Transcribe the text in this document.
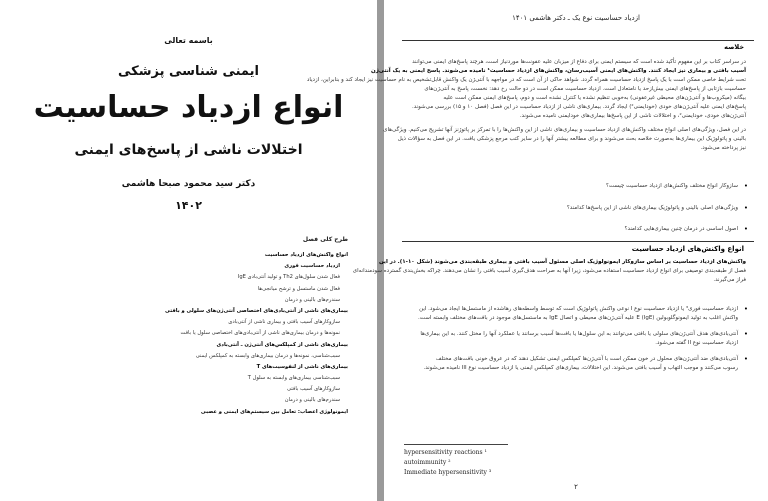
باسمه تعالی
ایمنی شناسی پزشکی
انواع ازدیاد حساسیت
اختلالات ناشی از پاسخ‌های ایمنی
دکتر سید محمود صبحا هاشمی
۱۴۰۲
طرح کلی فصل
انواع واکنش‌های ازدیاد حساسیت
ازدیاد حساسیت فوری
فعال شدن سلول‌های Th2 و تولید آنتی‌بادی IgE
فعال شدن ماستسل و ترشح میانجی‌ها
سندرم‌های بالینی و درمان
بیماری‌های ناشی از آنتی‌بادی‌های اختصاصی آنتی‌ژن‌های سلولی و بافتی
سازوکارهای آسیب بافتی و بیماری ناشی از آنتی‌بادی
نمونه‌ها و درمان بیماری‌های ناشی از آنتی‌بادی‌های اختصاصی سلول یا بافت
بیماری‌های ناشی از کمپلکس‌های آنتی‌ژن ـ آنتی‌بادی
سبب‌شناسی، نمونه‌ها و درمان بیماری‌های وابسته به کمپلکس ایمنی
بیماری‌های ناشی از لنفوسیت‌های T
سبب‌شناسی بیماری‌های وابسته به سلول T
سازوکارهای آسیب بافتی
سندرم‌های بالینی و درمان
ایمونولوژی اعصاب: تعامل بین سیستم‌های ایمنی و عصبی
ازدیاد حساسیت نوع یک ـ دکتر هاشمی ۱۴۰۱
خلاصه
در سراسر کتاب بر این مفهوم تأکید شده است که سیستم ایمنی برای دفاع از میزبان علیه عفونت‌ها موردنیاز است، هرچند پاسخ‌های ایمنی می‌توانند
آسیب بافتی و بیماری نیز ایجاد کنند. واکنش‌های ایمنی آسیب‌رسان، واکنش‌های ازدیاد حساسیت¹ نامیده می‌شوند. پاسخ ایمنی به یک آنتی‌ژن
تحت شرایط خاصی ممکن است با یک پاسخ ازدیاد حساسیت همراه گردد. شواهد حاکی از آن است که در مواجهه با آنتی‌ژن یک واکنش قابل‌تشخیص به نام حساسیت نیز ایجاد کند و بنابراین، ازدیاد
حساسیت بازتابی از پاسخ‌های ایمنی بیش‌ازحد یا نامتعادل است. ازدیاد حساسیت ممکن است در دو حالت رخ دهد: نخست، پاسخ به آنتی‌ژن‌های
بیگانه (میکروب‌ها و آنتی‌ژن‌های محیطی غیرعفونی) به‌خوبی تنظیم نشده یا کنترل نشده است و دوم، پاسخ‌های ایمنی ممکن است علیه
پاسخ‌های ایمنی علیه آنتی‌ژن‌های خودی (خودایمنی²) ایجاد گردد. بیماری‌های ناشی از ازدیاد حساسیت در این فصل (فصل ۱۰ و ۱۵) بررسی می‌شوند.
آنتی‌ژن‌های خودی، خودایمنی²، و اختلالات ناشی از این پاسخ‌ها بیماری‌های خودایمنی نامیده می‌شوند.
در این فصل، ویژگی‌های اصلی انواع مختلف واکنش‌های ازدیاد حساسیت و بیماری‌های ناشی از این واکنش‌ها را با تمرکز بر پاتوژنز آنها تشریح می‌کنیم. ویژگی‌های
بالینی و پاتولوژیک این بیماری‌ها به‌صورت خلاصه بحث می‌شوند و برای مطالعه بیشتر آنها را در سایر کتب مرجع پزشکی یافت. در این فصل به سؤالات ذیل
نیز پرداخته می‌شود.
•
سازوکار انواع مختلف واکنش‌های ازدیاد حساسیت چیست؟
•
ویژگی‌های اصلی بالینی و پاتولوژیک بیماری‌های ناشی از این پاسخ‌ها کدامند؟
•
اصول اساسی در درمان چنین بیماری‌هایی کدامند؟
انواع واکنش‌های ازدیاد حساسیت
واکنش‌های ازدیاد حساسیت بر اساس سازوکار ایمونولوژیک اصلی مسئول آسیب بافتی و بیماری طبقه‌بندی می‌شوند (شکل ۱۰-۱). در این
فصل از طبقه‌بندی توصیفی برای انواع ازدیاد حساسیت استفاده می‌شود، زیرا آنها به صراحت هدف‌گیری آسیب بافتی را نشان می‌دهند. چراکه بخش‌بندی گسترده سودمندانه‌ای
فراز می‌گیرند.
•
ازدیاد حساسیت فوری³ یا ازدیاد حساسیت نوع I نوعی واکنش پاتولوژیک است که توسط واسطه‌های رهاشده از ماستسل‌ها ایجاد می‌شود. این
واکنش اغلب به تولید ایمونوگلوبولین E (IgE) علیه آنتی‌ژن‌های محیطی و اتصال IgE به ماستسل‌های موجود در بافت‌های مختلف وابسته است.
•
آنتی‌بادی‌های هدف آنتی‌ژن‌های سلولی یا بافتی می‌توانند به این سلول‌ها یا بافت‌ها آسیب برسانند یا عملکرد آنها را مختل کنند. به این بیماری‌ها
ازدیاد حساسیت نوع II گفته می‌شود.
•
آنتی‌بادی‌های ضد آنتی‌ژن‌های محلول در خون ممکن است با آنتی‌ژن‌ها کمپلکس ایمنی تشکیل دهند که در عروق خونی بافت‌های مختلف
رسوب می‌کنند و موجب التهاب و آسیب بافتی می‌شوند. این اختلالات، بیماری‌های کمپلکس ایمنی یا ازدیاد حساسیت نوع III نامیده می‌شوند.
hypersensitivity reactions ¹
autoimmunity ²
Immediate hypersensitivity ³
۲
